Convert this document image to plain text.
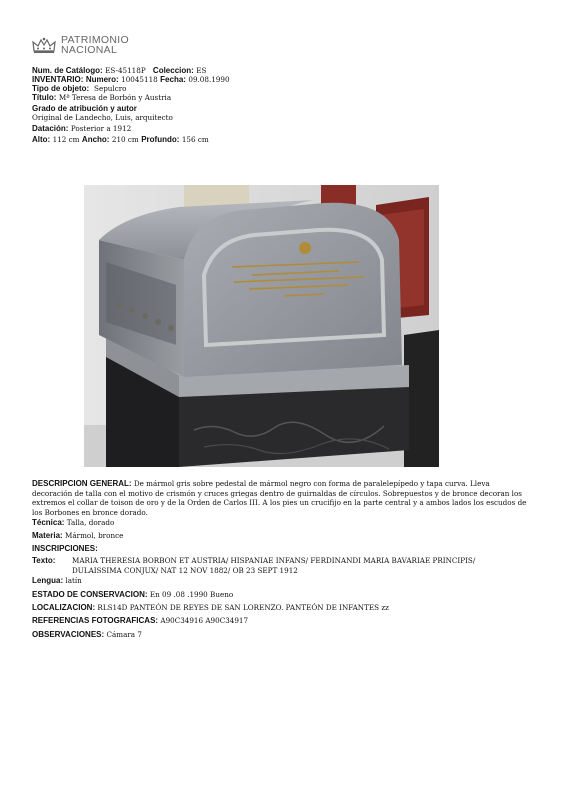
PATRIMONIO
NACIONAL
Num. de Catálogo: ES-45118P Coleccion: ES
INVENTARIO: Numero: 10045118 Fecha: 09.08.1990
Tipo de objeto: Sepulcro
Título: Mª Teresa de Borbón y Austria
Grado de atribución y autor
Original de Landecho, Luis, arquitecto
Datación: Posterior a 1912
Alto: 112 cm Ancho: 210 cm Profundo: 156 cm
DESCRIPCION GENERAL: De mármol gris sobre pedestal de mármol negro con forma de paralelepípedo y tapa curva. Lleva decoración de talla con el motivo de crismón y cruces griegas dentro de guirnaldas de círculos. Sobrepuestos y de bronce decoran los extremos el collar de toison de oro y de la Orden de Carlos III. A los pies un crucifijo en la parte central y a ambos lados los escudos de los Borbones en bronce dorado.
Técnica: Talla, dorado
Materia: Mármol, bronce
INSCRIPCIONES:
Texto:	MARIA THERESIA BORBON ET AUSTRIA/ HISPANIAE INFANS/ FERDINANDI MARIA BAVARIAE PRINCIPIS/ DULAISSIMA CONJUX/ NAT 12 NOV 1882/ OB 23 SEPT 1912
Lengua: latín
ESTADO DE CONSERVACION: En 09 .08 .1990 Bueno
LOCALIZACION: RLS14D PANTEÓN DE REYES DE SAN LORENZO. PANTEÓN DE INFANTES zz
REFERENCIAS FOTOGRAFICAS: A90C34916 A90C34917
OBSERVACIONES: Cámara 7
